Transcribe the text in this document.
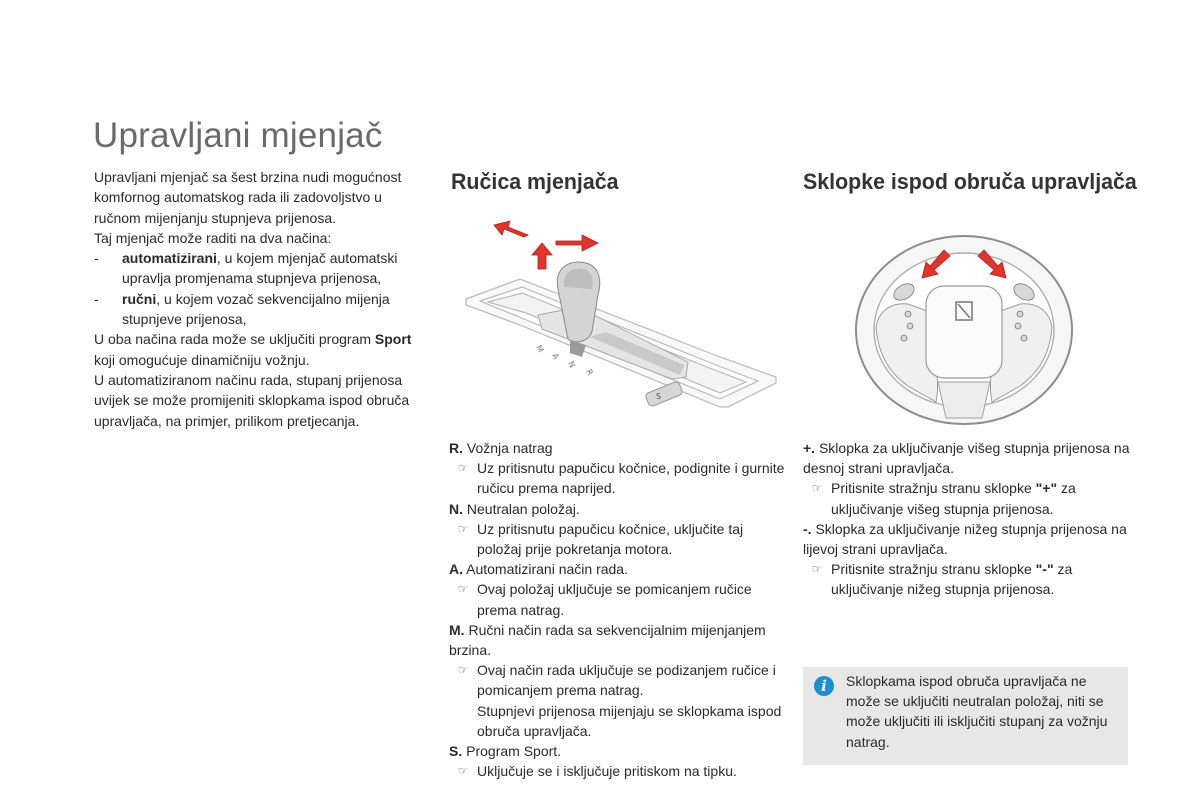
Upravljani mjenjač

Upravljani mjenjač sa šest brzina nudi mogućnost komfornog automatskog rada ili zadovoljstvo u ručnom mijenjanju stupnjeva prijenosa.

Taj mjenjač može raditi na dva načina:

-	automatizirani, u kojem mjenjač automatski upravlja promjenama stupnjeva prijenosa,
-	ručni, u kojem vozač sekvencijalno mijenja stupnjeve prijenosa,

U oba načina rada može se uključiti program Sport koji omogućuje dinamičniju vožnju.

U automatiziranom načinu rada, stupanj prijenosa uvijek se može promijeniti sklopkama ispod obruča upravljača, na primjer, prilikom pretjecanja.

Ručica mjenjača	Sklopke ispod obruča upravljača
M
A
N
R
S
R. Vožnja natrag
☞ Uz pritisnutu papučicu kočnice, podignite i gurnite ručicu prema naprijed.
N. Neutralan položaj.
☞ Uz pritisnutu papučicu kočnice, uključite taj položaj prije pokretanja motora.
A. Automatizirani način rada.
☞ Ovaj položaj uključuje se pomicanjem ručice prema natrag.
M. Ručni način rada sa sekvencijalnim mijenjanjem brzina.
☞ Ovaj način rada uključuje se podizanjem ručice i pomicanjem prema natrag.
Stupnjevi prijenosa mijenjaju se sklopkama ispod obruča upravljača.
S. Program Sport.
☞ Uključuje se i isključuje pritiskom na tipku.
+. Sklopka za uključivanje višeg stupnja prijenosa na desnoj strani upravljača.
☞ Pritisnite stražnju stranu sklopke "+" za uključivanje višeg stupnja prijenosa.
-. Sklopka za uključivanje nižeg stupnja prijenosa na lijevoj strani upravljača.
☞ Pritisnite stražnju stranu sklopke "-" za uključivanje nižeg stupnja prijenosa.
i	Sklopkama ispod obruča upravljača ne može se uključiti neutralan položaj, niti se može uključiti ili isključiti stupanj za vožnju natrag.
